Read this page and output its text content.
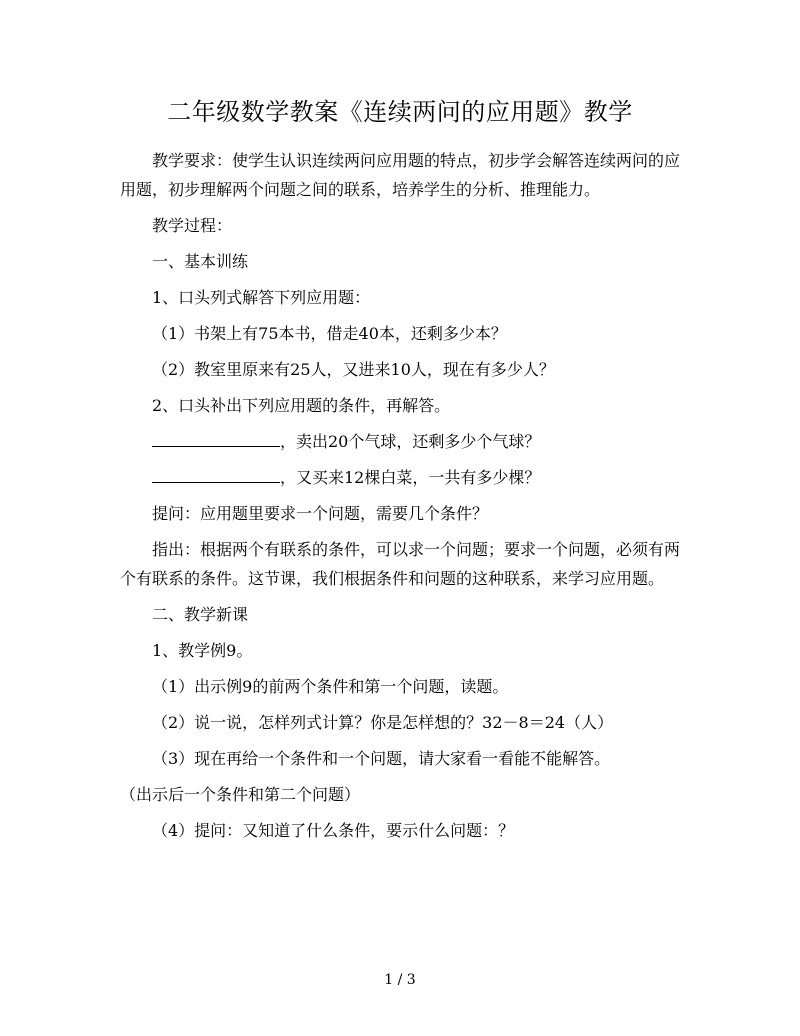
二年级数学教案《连续两问的应用题》教学

教学要求：使学生认识连续两问应用题的特点，初步学会解答连续两问的应用题，初步理解两个问题之间的联系，培养学生的分析、推理能力。

教学过程：

一、基本训练

1、口头列式解答下列应用题：

（1）书架上有75本书，借走40本，还剩多少本？

（2）教室里原来有25人，又进来10人，现在有多少人？

2、口头补出下列应用题的条件，再解答。

，卖出20个气球，还剩多少个气球？

，又买来12棵白菜，一共有多少棵？

提问：应用题里要求一个问题，需要几个条件？

指出：根据两个有联系的条件，可以求一个问题；要求一个问题，必须有两个有联系的条件。这节课，我们根据条件和问题的这种联系，来学习应用题。

二、教学新课

1、教学例9。

（1）出示例9的前两个条件和第一个问题，读题。

（2）说一说，怎样列式计算？你是怎样想的？32－8＝24（人）

（3）现在再给一个条件和一个问题，请大家看一看能不能解答。

（出示后一个条件和第二个问题）

（4）提问：又知道了什么条件，要示什么问题：？

1 / 3
